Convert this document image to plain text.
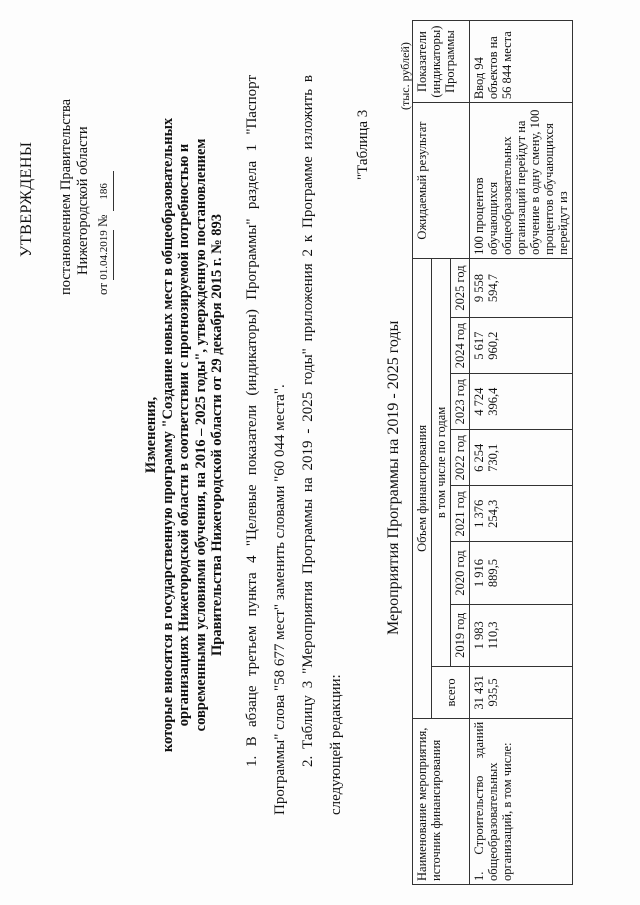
УТВЕРЖДЕНЫ постановлением Правительства Нижегородской области
от 01.04.2019 № 186
Изменения, которые вносятся в государственную программу "Создание новых мест в общеобразовательных организациях Нижегородской области в соответствии с прогнозируемой потребностью и современными условиями обучения, на 2016 – 2025 годы", утвержденную постановлением Правительства Нижегородской области от 29 декабря 2015 г. № 893	1. В абзаце третьем пункта 4 "Целевые показатели (индикаторы) Программы" раздела 1 "Паспорт Программы" слова "58 677 мест" заменить словами "60 044 места". 2. Таблицу 3 "Мероприятия Программы на 2019 - 2025 годы" приложения 2 к Программе изложить в следующей редакции:
"Таблица 3
Мероприятия Программы на 2019 - 2025 годы
(тыс. рублей)
Наименование мероприятия, источник финансирования	Объем финансирования								Ожидаемый результат	Показатели (индикаторы) Программы
	всего	в том числе по годам								
		2019 год	2020 год	2021 год	2022 год	2023 год	2024 год	2025 год		
1. Строительство зданий общеобразовательных организаций, в том числе:	31 431 935,5	1 983 110,3	1 916 889,5	1 376 254,3	6 254 730,1	4 724 396,4	5 617 960,2	9 558 594,7	100 процентов обучающихся общеобразовательных организаций перейдут на обучение в одну смену, 100 процентов обучающихся перейдут из	Ввод 94 объектов на 56 844 места
